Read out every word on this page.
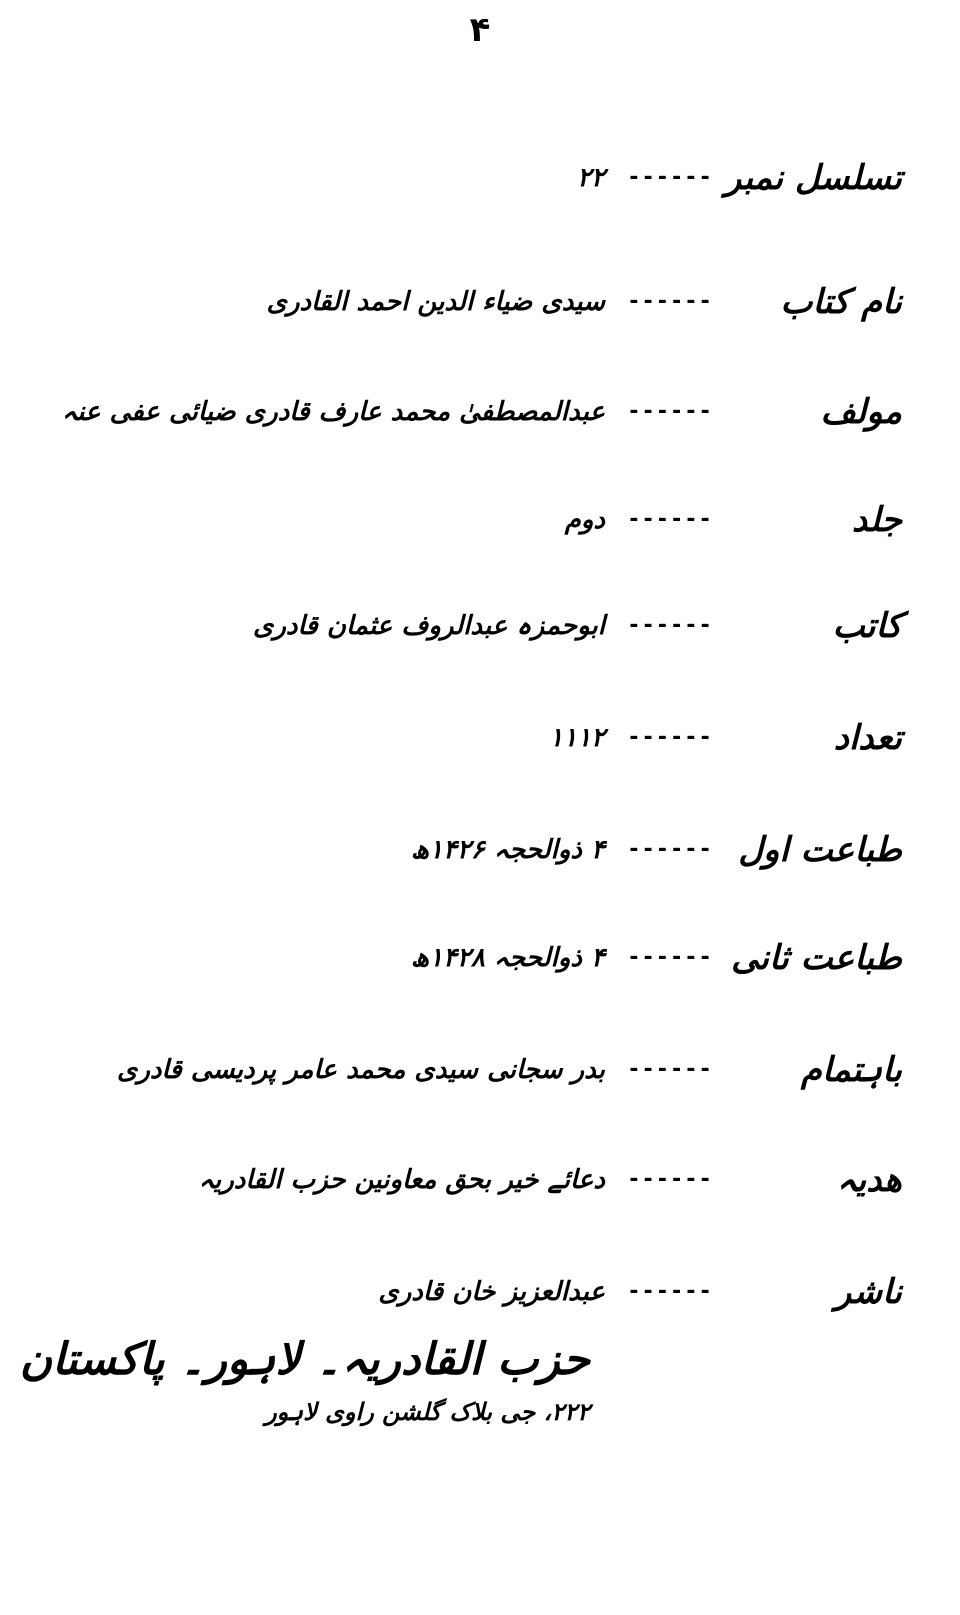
۴
تسلسل نمبر
------
۲۲
نام کتاب
------
سیدی ضیاء الدین احمد القادری
مولف
------
عبدالمصطفیٰ محمد عارف قادری ضیائی عفی عنہ
جلد
------
دوم
کاتب
------
ابوحمزہ عبدالروف عثمان قادری
تعداد
------
۱۱۱۲
طباعت اول
------
۴ ذوالحجہ ۱۴۲۶ھ
طباعت ثانی
------
۴ ذوالحجہ ۱۴۲۸ھ
باہتمام
------
بدر سجانی سیدی محمد عامر پردیسی قادری
ھدیہ
------
دعائے خیر بحق معاونین حزب القادریہ
ناشر
------
عبدالعزیز خان قادری
حزب القادریہ۔ لاہور۔ پاکستان
۲۲۲، جی بلاک گلشن راوی لاہور
